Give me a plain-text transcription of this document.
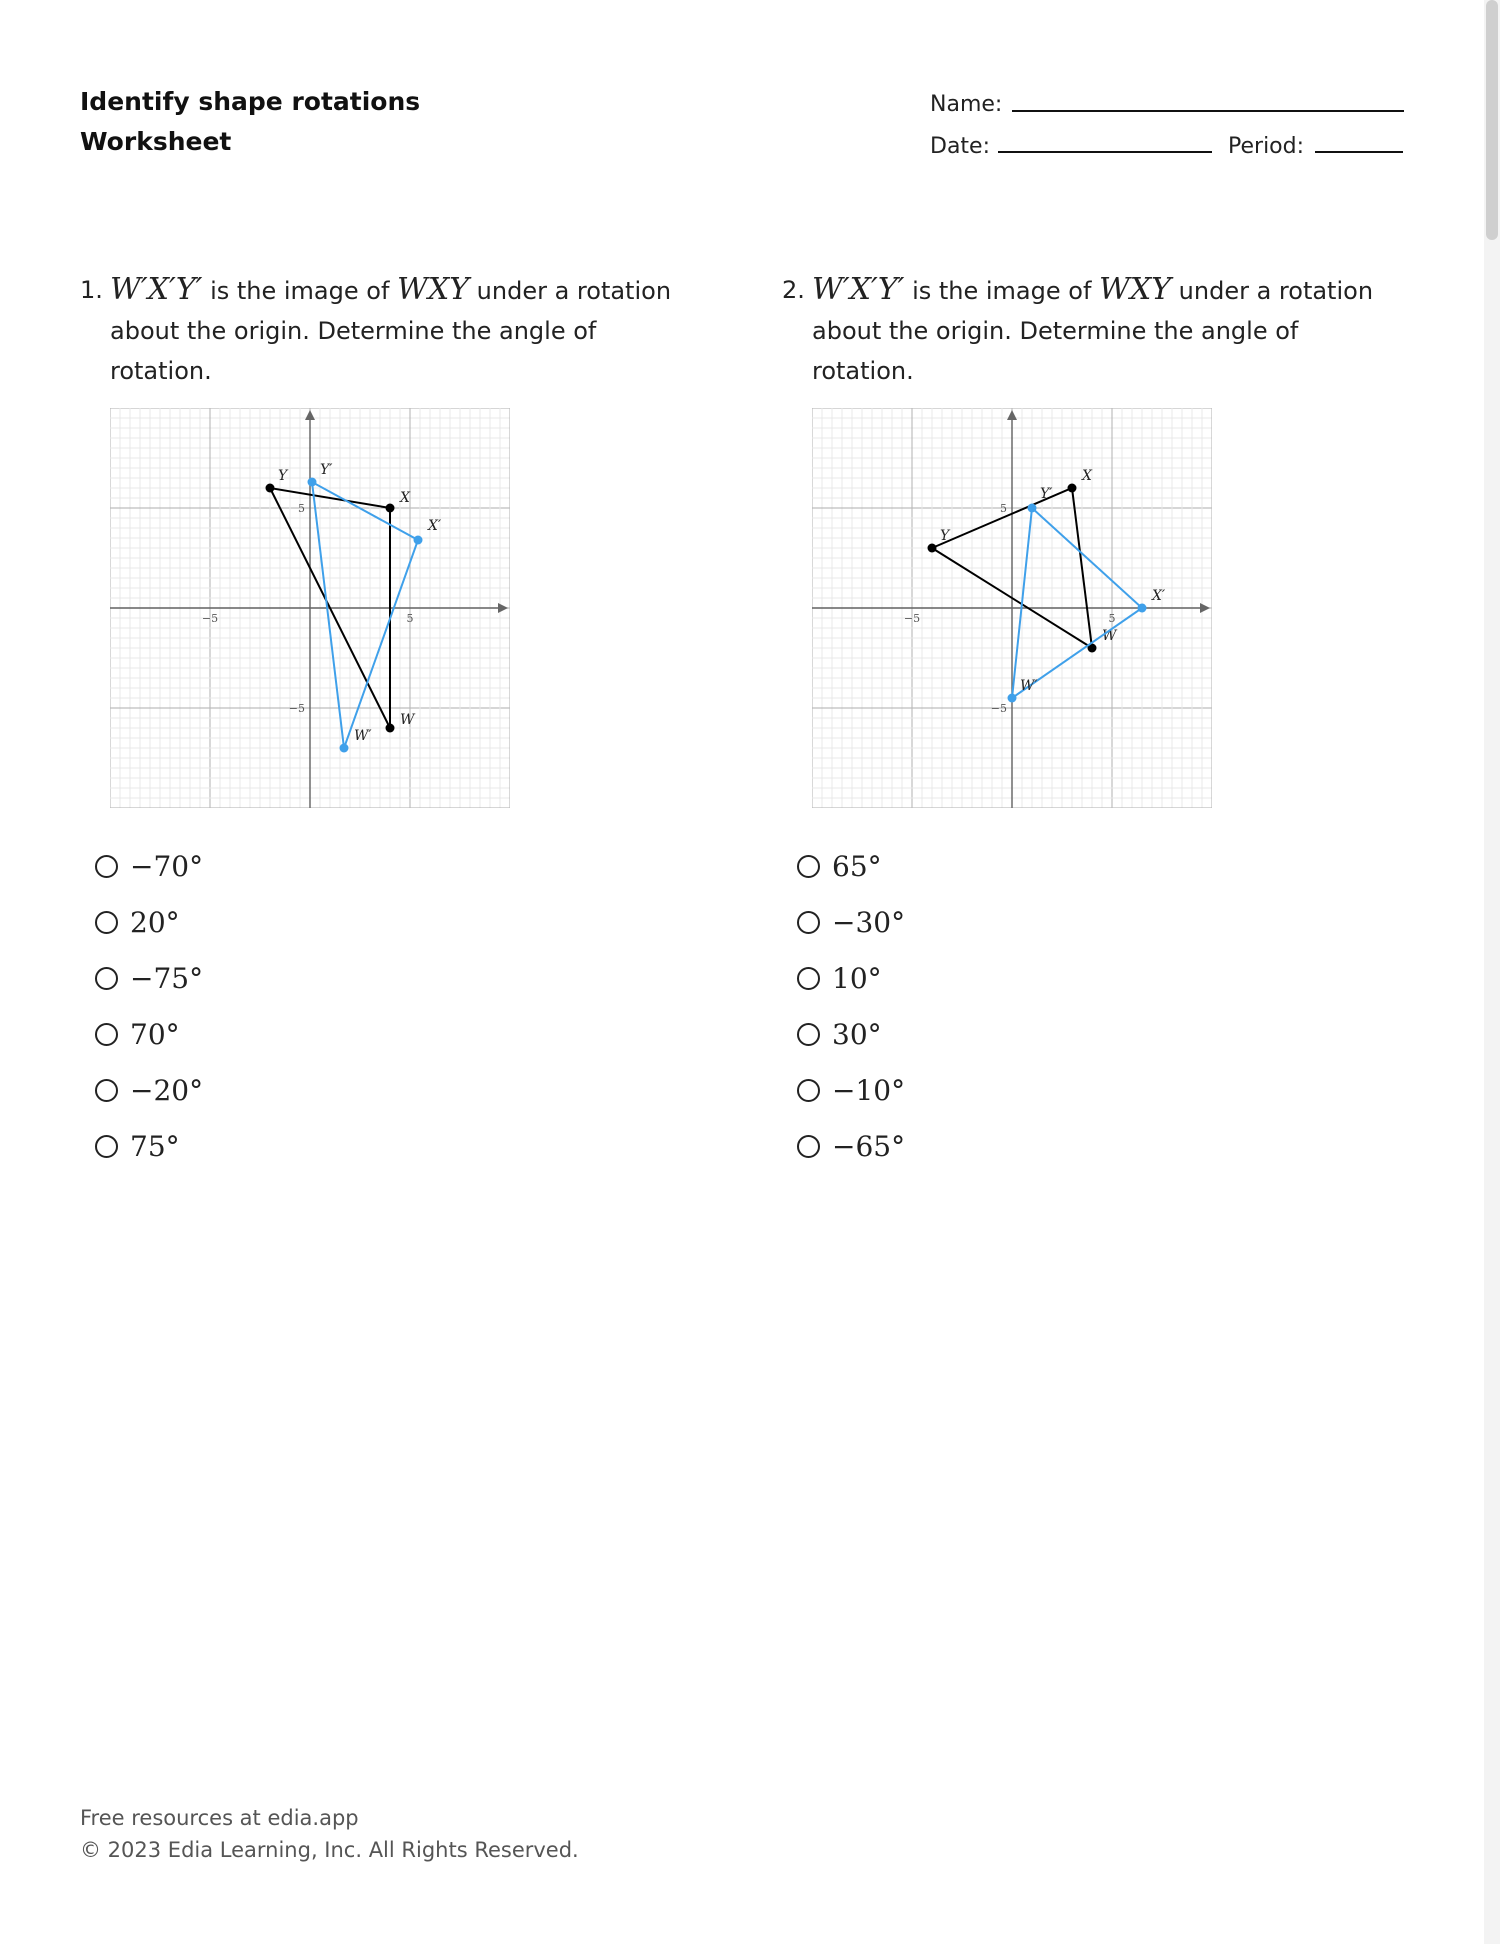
Identify shape rotations
Worksheet
Name:
Date:	Period:
1. W′X′Y′ is the image of WXY under a rotation about the origin. Determine the angle of rotation.
−5	5
5
−5
W
X
Y
W′
X′
Y′
−70°
20°
−75°
70°
−20°
75°
2. W′X′Y′ is the image of WXY under a rotation about the origin. Determine the angle of rotation.
−5	5
5
−5
W
X
Y
W′
X′
Y′
65°
−30°
10°
30°
−10°
−65°
Free resources at edia.app
© 2023 Edia Learning, Inc. All Rights Reserved.
